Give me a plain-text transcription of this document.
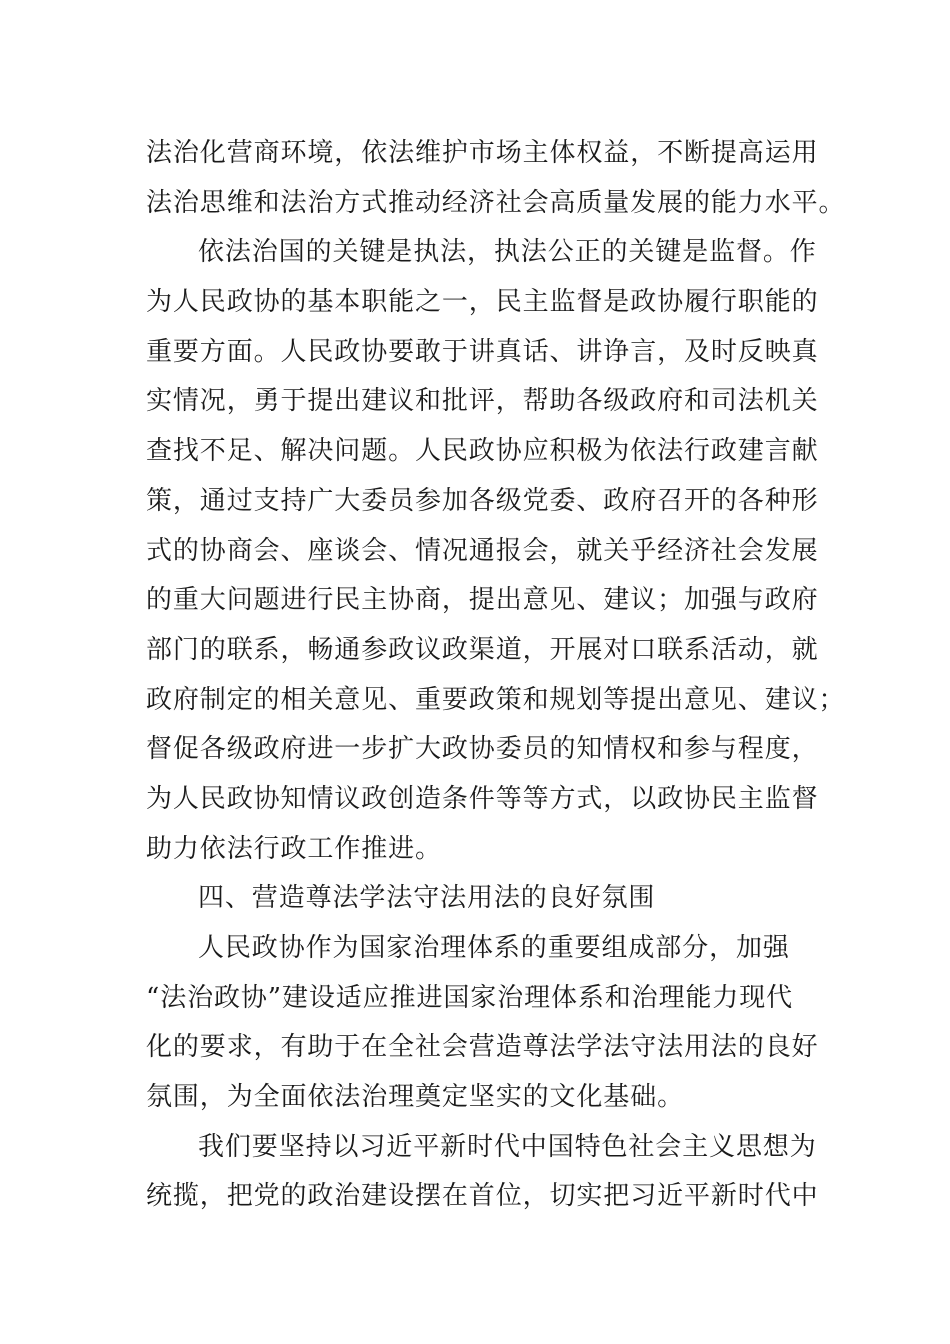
法治化营商环境，依法维护市场主体权益，不断提高运用
法治思维和法治方式推动经济社会高质量发展的能力水平。
依法治国的关键是执法，执法公正的关键是监督。作
为人民政协的基本职能之一，民主监督是政协履行职能的
重要方面。人民政协要敢于讲真话、讲诤言，及时反映真
实情况，勇于提出建议和批评，帮助各级政府和司法机关
查找不足、解决问题。人民政协应积极为依法行政建言献
策，通过支持广大委员参加各级党委、政府召开的各种形
式的协商会、座谈会、情况通报会，就关乎经济社会发展
的重大问题进行民主协商，提出意见、建议；加强与政府
部门的联系，畅通参政议政渠道，开展对口联系活动，就
政府制定的相关意见、重要政策和规划等提出意见、建议；
督促各级政府进一步扩大政协委员的知情权和参与程度，
为人民政协知情议政创造条件等等方式，以政协民主监督
助力依法行政工作推进。
四、营造尊法学法守法用法的良好氛围
人民政协作为国家治理体系的重要组成部分，加强
“法治政协”建设适应推进国家治理体系和治理能力现代
化的要求，有助于在全社会营造尊法学法守法用法的良好
氛围，为全面依法治理奠定坚实的文化基础。
我们要坚持以习近平新时代中国特色社会主义思想为
统揽，把党的政治建设摆在首位，切实把习近平新时代中
